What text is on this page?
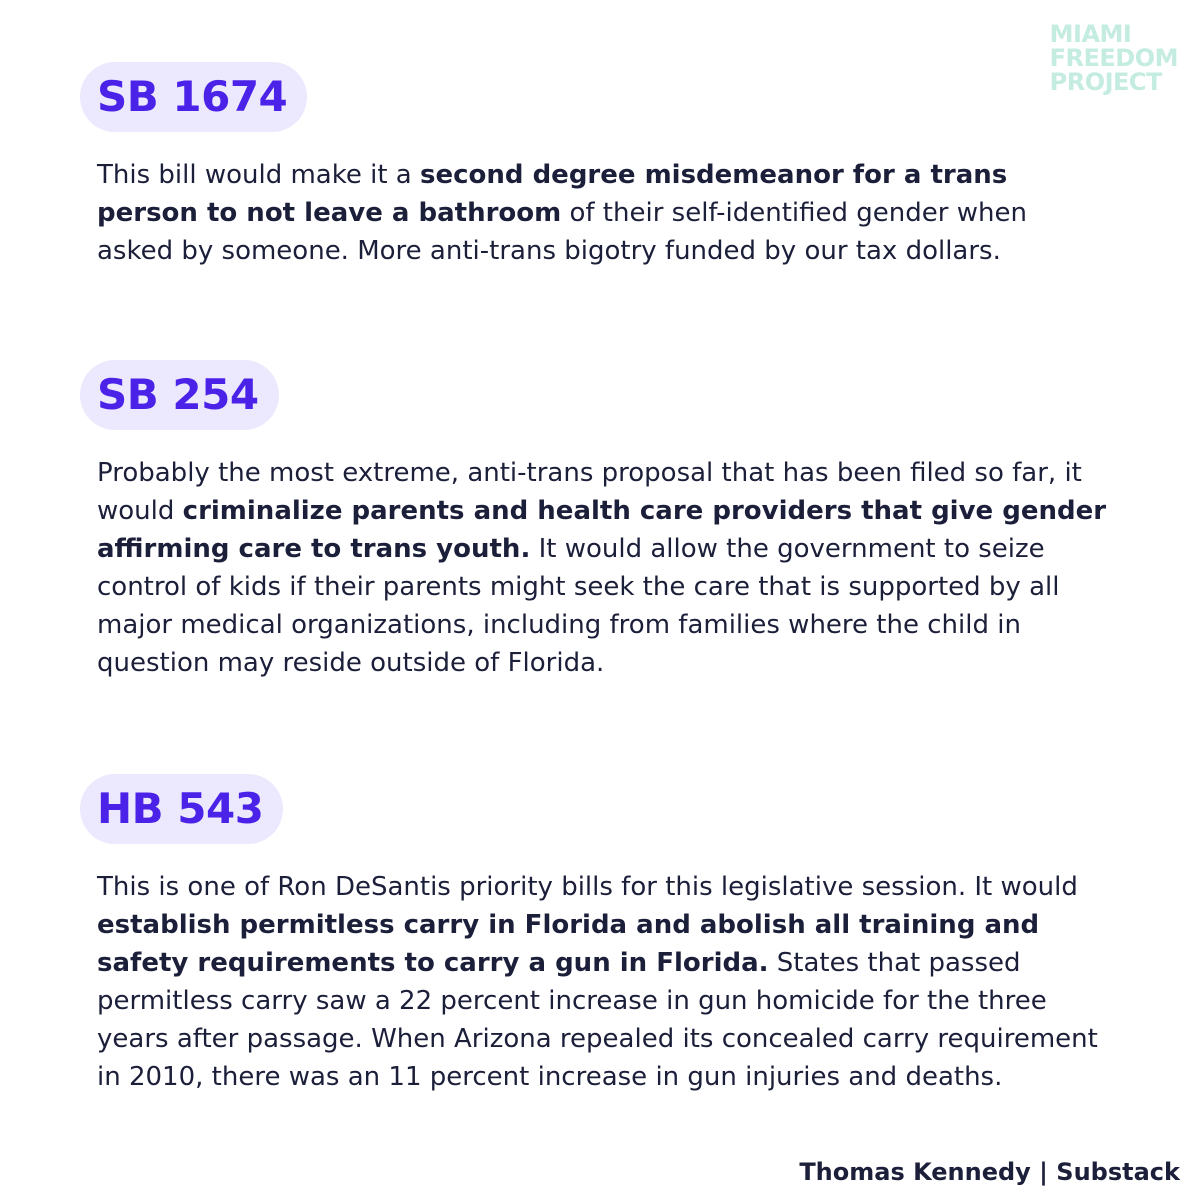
MIAMI
FREEDOM
PROJECT
SB 1674
This bill would make it a second degree misdemeanor for a trans person to not leave a bathroom of their self-identified gender when asked by someone. More anti-trans bigotry funded by our tax dollars.
SB 254
Probably the most extreme, anti-trans proposal that has been filed so far, it would criminalize parents and health care providers that give gender affirming care to trans youth. It would allow the government to seize control of kids if their parents might seek the care that is supported by all major medical organizations, including from families where the child in question may reside outside of Florida.
HB 543
This is one of Ron DeSantis priority bills for this legislative session. It would establish permitless carry in Florida and abolish all training and safety requirements to carry a gun in Florida. States that passed permitless carry saw a 22 percent increase in gun homicide for the three years after passage. When Arizona repealed its concealed carry requirement in 2010, there was an 11 percent increase in gun injuries and deaths.
Thomas Kennedy | Substack
